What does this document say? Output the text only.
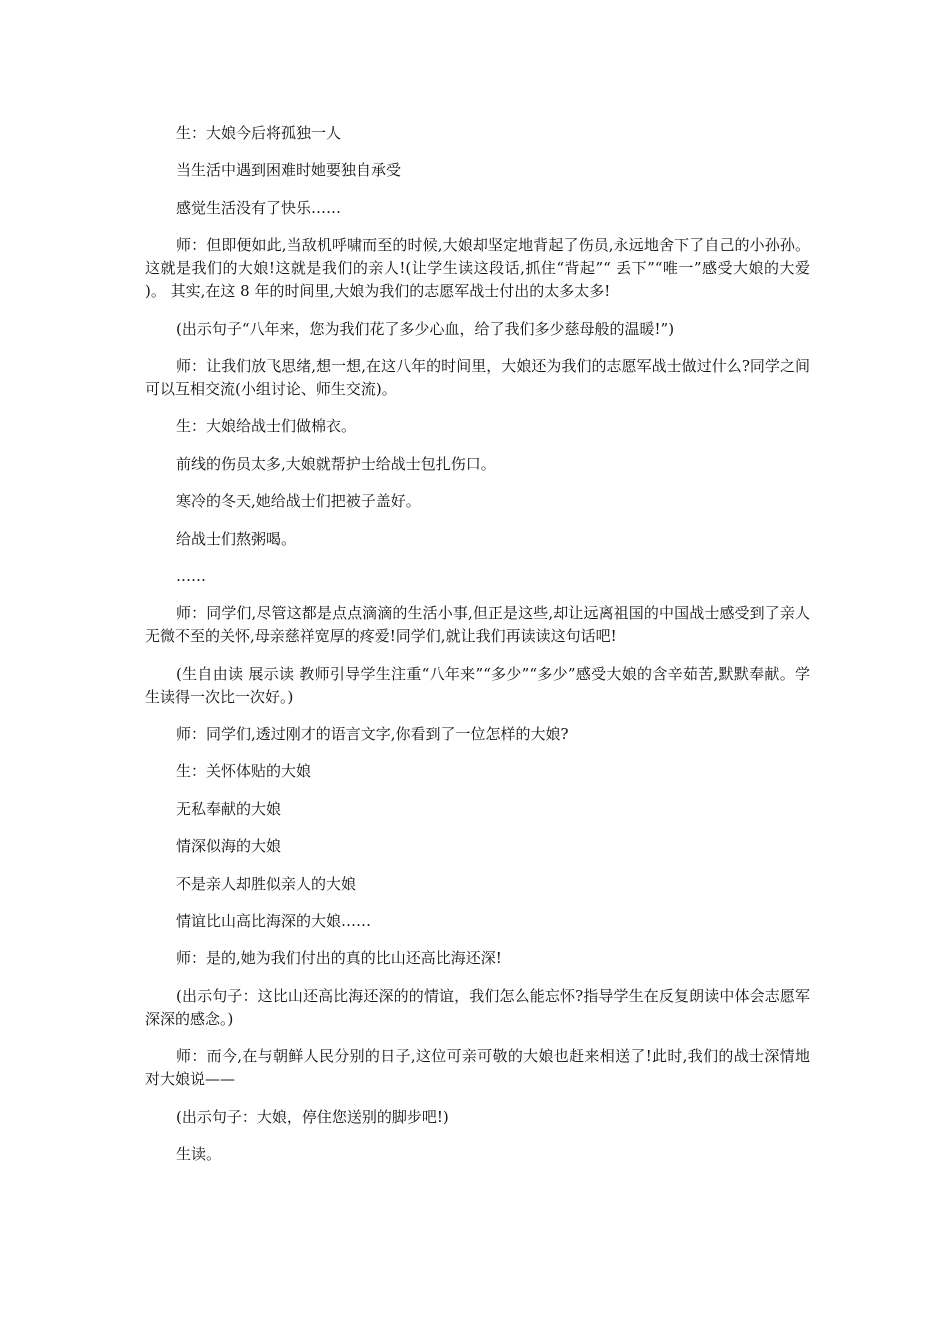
生：大娘今后将孤独一人

当生活中遇到困难时她要独自承受

感觉生活没有了快乐……

师：但即便如此,当敌机呼啸而至的时候,大娘却坚定地背起了伤员,永远地舍下了自己的小孙孙。这就是我们的大娘!这就是我们的亲人!(让学生读这段话,抓住“背起”“ 丢下”“唯一”感受大娘的大爱 )。 其实,在这 8 年的时间里,大娘为我们的志愿军战士付出的太多太多!

(出示句子“八年来，您为我们花了多少心血，给了我们多少慈母般的温暖!”)

师：让我们放飞思绪,想一想,在这八年的时间里，大娘还为我们的志愿军战士做过什么?同学之间可以互相交流(小组讨论、师生交流)。

生：大娘给战士们做棉衣。

前线的伤员太多,大娘就帮护士给战士包扎伤口。

寒冷的冬天,她给战士们把被子盖好。

给战士们熬粥喝。

……

师：同学们,尽管这都是点点滴滴的生活小事,但正是这些,却让远离祖国的中国战士感受到了亲人无微不至的关怀,母亲慈祥宽厚的疼爱!同学们,就让我们再读读这句话吧!

(生自由读 展示读 教师引导学生注重“八年来”“多少”“多少”感受大娘的含辛茹苦,默默奉献。学生读得一次比一次好。)

师：同学们,透过刚才的语言文字,你看到了一位怎样的大娘?

生：关怀体贴的大娘

无私奉献的大娘

情深似海的大娘

不是亲人却胜似亲人的大娘

情谊比山高比海深的大娘……

师：是的,她为我们付出的真的比山还高比海还深!

(出示句子：这比山还高比海还深的的情谊，我们怎么能忘怀?指导学生在反复朗读中体会志愿军深深的感念。)

师：而今,在与朝鲜人民分别的日子,这位可亲可敬的大娘也赶来相送了!此时,我们的战士深情地对大娘说——

(出示句子：大娘，停住您送别的脚步吧!)

生读。
